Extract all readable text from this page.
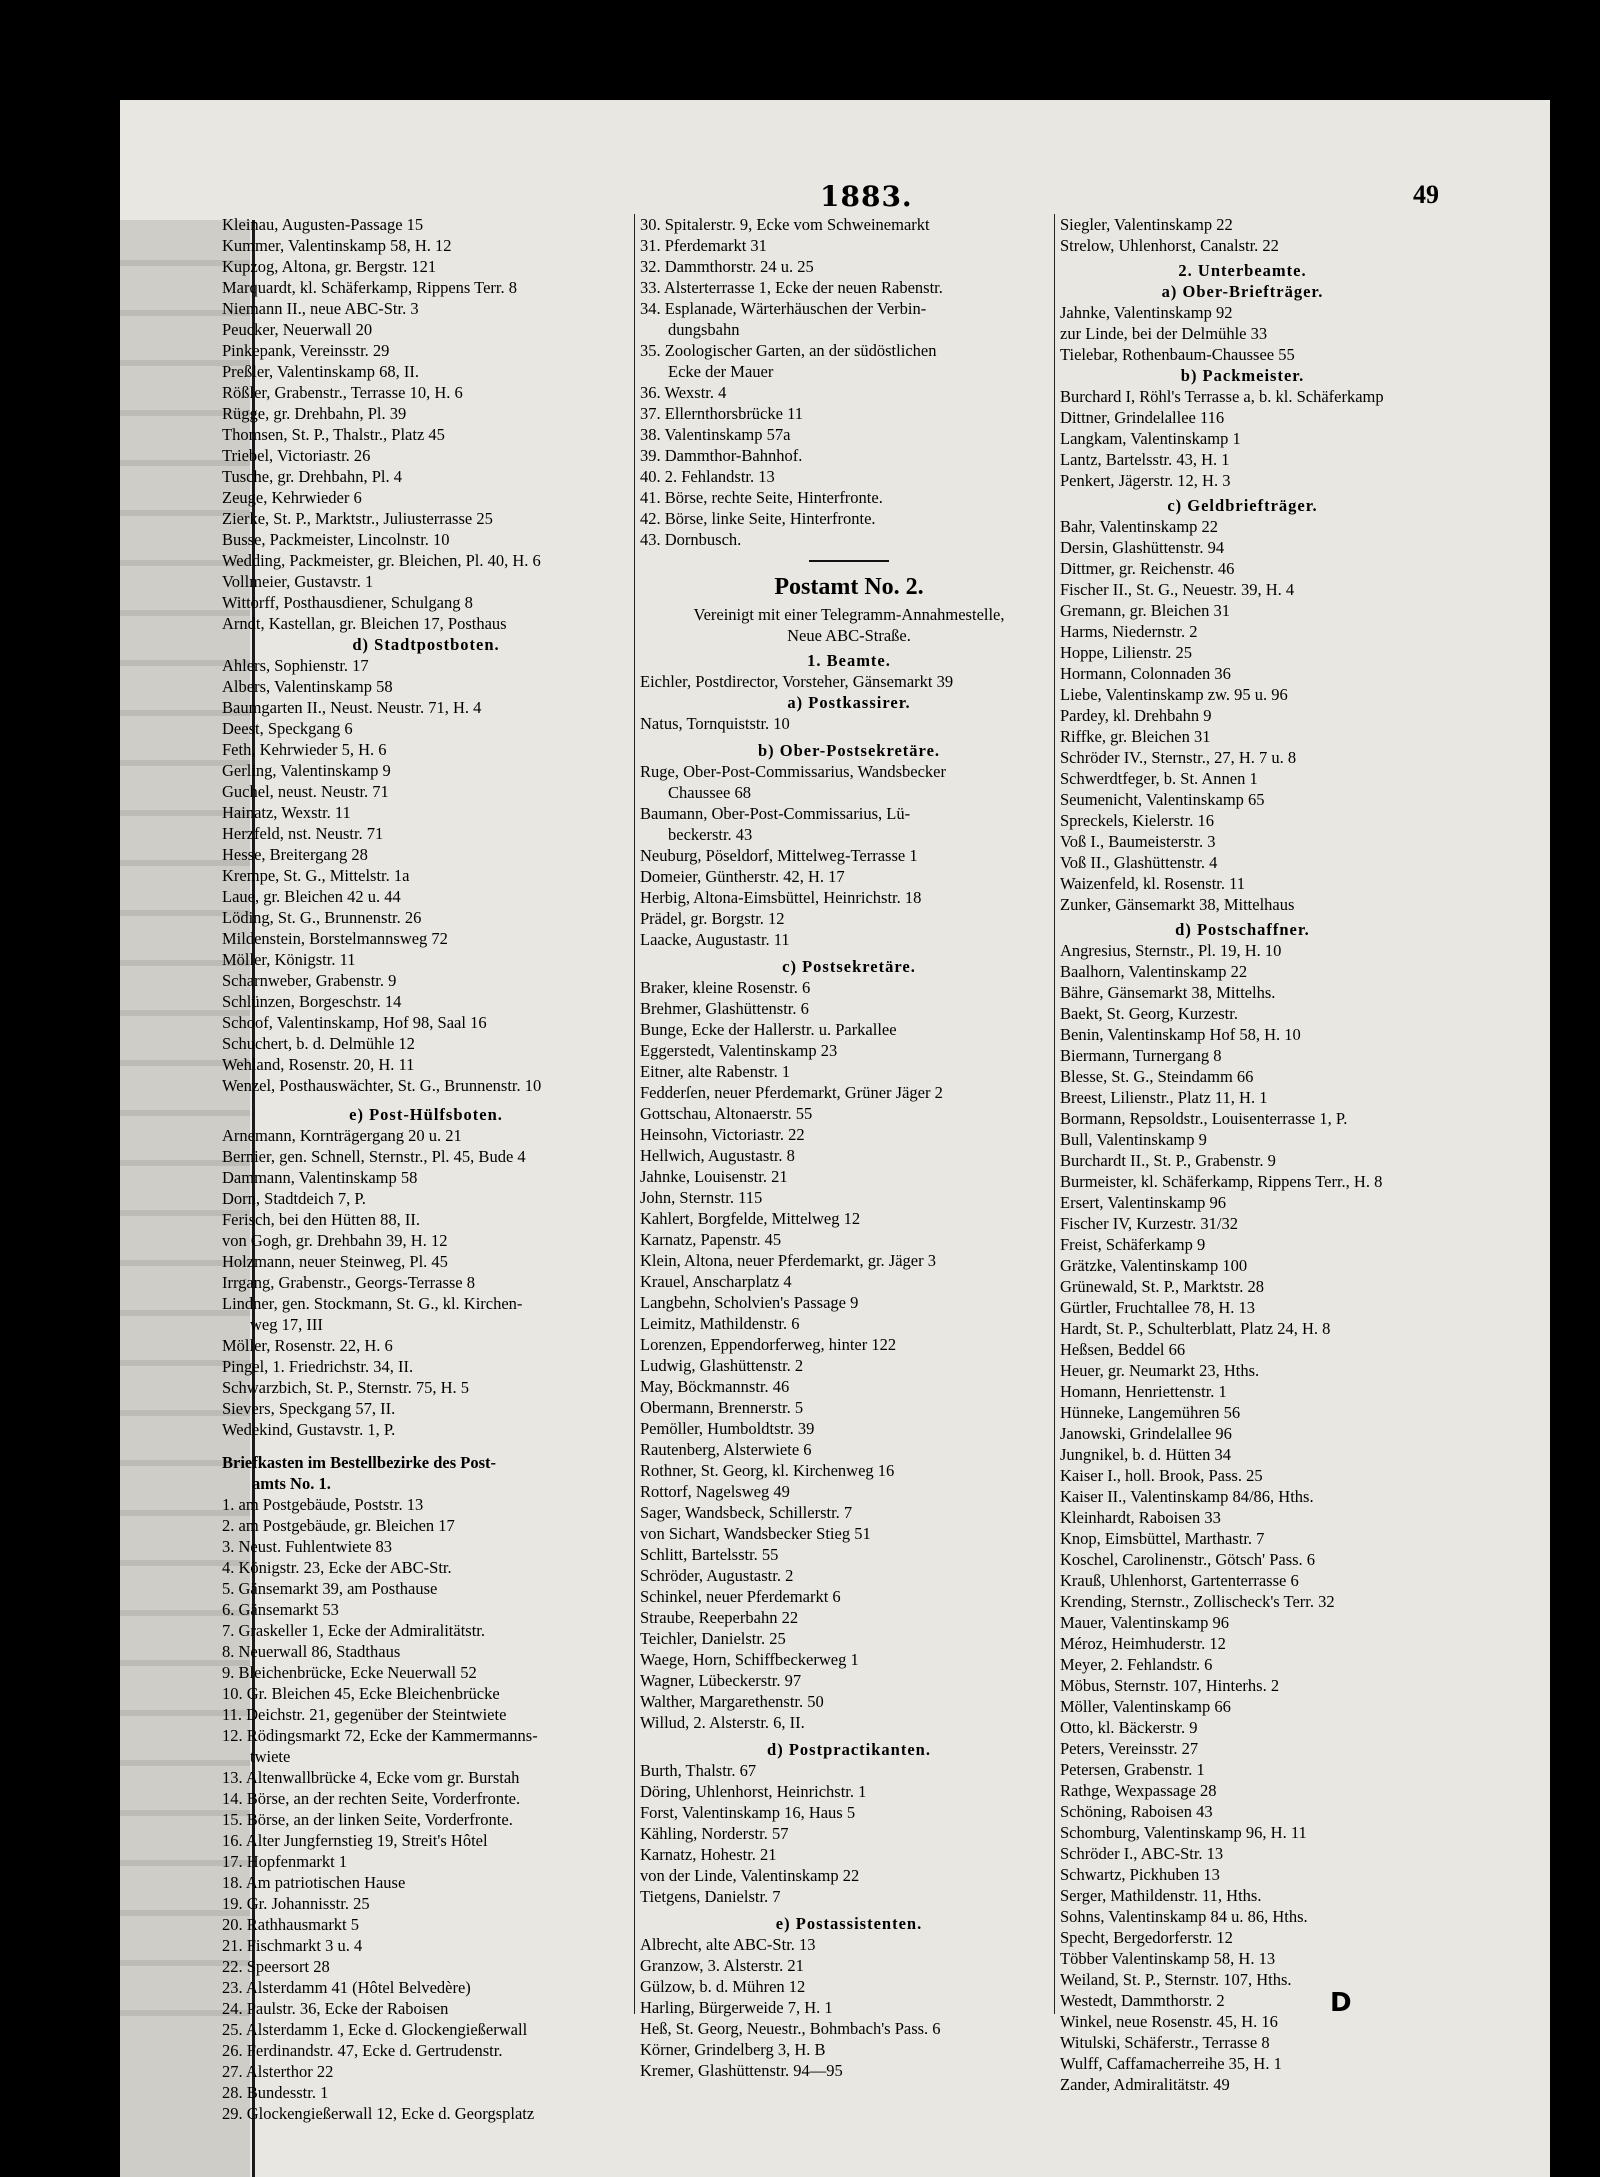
1883.	49
Kleinau, Augusten-Passage 15
Kummer, Valentinskamp 58, H. 12
Kupzog, Altona, gr. Bergstr. 121
Marquardt, kl. Schäferkamp, Rippens Terr. 8
Niemann II., neue ABC-Str. 3
Peucker, Neuerwall 20
Pinkepank, Vereinsstr. 29
Preßler, Valentinskamp 68, II.
Rößler, Grabenstr., Terrasse 10, H. 6
Rügge, gr. Drehbahn, Pl. 39
Thomsen, St. P., Thalstr., Platz 45
Triebel, Victoriastr. 26
Tusche, gr. Drehbahn, Pl. 4
Zeuge, Kehrwieder 6
Zierke, St. P., Marktstr., Juliusterrasse 25
Busse, Packmeister, Lincolnstr. 10
Wedding, Packmeister, gr. Bleichen, Pl. 40, H. 6
Vollmeier, Gustavstr. 1
Wittorff, Posthausdiener, Schulgang 8
Arndt, Kastellan, gr. Bleichen 17, Posthaus
d) Stadtpostboten.
Ahlers, Sophienstr. 17
Albers, Valentinskamp 58
Baumgarten II., Neust. Neustr. 71, H. 4
Deest, Speckgang 6
Feth, Kehrwieder 5, H. 6
Gerling, Valentinskamp 9
Guchel, neust. Neustr. 71
Hainatz, Wexstr. 11
Herzfeld, nst. Neustr. 71
Hesse, Breitergang 28
Krempe, St. G., Mittelstr. 1a
Laue, gr. Bleichen 42 u. 44
Löding, St. G., Brunnenstr. 26
Mildenstein, Borstelmannsweg 72
Möller, Königstr. 11
Scharnweber, Grabenstr. 9
Schlünzen, Borgeschstr. 14
Schoof, Valentinskamp, Hof 98, Saal 16
Schuchert, b. d. Delmühle 12
Wehland, Rosenstr. 20, H. 11
Wenzel, Posthauswächter, St. G., Brunnenstr. 10
e) Post-Hülfsboten.
Arnemann, Kornträgergang 20 u. 21
Bernier, gen. Schnell, Sternstr., Pl. 45, Bude 4
Dammann, Valentinskamp 58
Dorn, Stadtdeich 7, P.
Ferisch, bei den Hütten 88, II.
von Gogh, gr. Drehbahn 39, H. 12
Holzmann, neuer Steinweg, Pl. 45
Irrgang, Grabenstr., Georgs-Terrasse 8
Lindner, gen. Stockmann, St. G., kl. Kirchen-
weg 17, III
Möller, Rosenstr. 22, H. 6
Pingel, 1. Friedrichstr. 34, II.
Schwarzbich, St. P., Sternstr. 75, H. 5
Sievers, Speckgang 57, II.
Wedekind, Gustavstr. 1, P.
Briefkasten im Bestellbezirke des Post-
amts No. 1.
1. am Postgebäude, Poststr. 13
2. am Postgebäude, gr. Bleichen 17
3. Neust. Fuhlentwiete 83
4. Königstr. 23, Ecke der ABC-Str.
5. Gänsemarkt 39, am Posthause
6. Gänsemarkt 53
7. Graskeller 1, Ecke der Admiralitätstr.
8. Neuerwall 86, Stadthaus
9. Bleichenbrücke, Ecke Neuerwall 52
10. Gr. Bleichen 45, Ecke Bleichenbrücke
11. Deichstr. 21, gegenüber der Steintwiete
12. Rödingsmarkt 72, Ecke der Kammermanns-
twiete
13. Altenwallbrücke 4, Ecke vom gr. Burstah
14. Börse, an der rechten Seite, Vorderfronte.
15. Börse, an der linken Seite, Vorderfronte.
16. Alter Jungfernstieg 19, Streit's Hôtel
17. Hopfenmarkt 1
18. Am patriotischen Hause
19. Gr. Johannisstr. 25
20. Rathhausmarkt 5
21. Fischmarkt 3 u. 4
22. Speersort 28
23. Alsterdamm 41 (Hôtel Belvedère)
24. Paulstr. 36, Ecke der Raboisen
25. Alsterdamm 1, Ecke d. Glockengießerwall
26. Ferdinandstr. 47, Ecke d. Gertrudenstr.
27. Alsterthor 22
28. Bundesstr. 1
29. Glockengießerwall 12, Ecke d. Georgsplatz
30. Spitalerstr. 9, Ecke vom Schweinemarkt
31. Pferdemarkt 31
32. Dammthorstr. 24 u. 25
33. Alsterterrasse 1, Ecke der neuen Rabenstr.
34. Esplanade, Wärterhäuschen der Verbin-
dungsbahn
35. Zoologischer Garten, an der südöstlichen
Ecke der Mauer
36. Wexstr. 4
37. Ellernthorsbrücke 11
38. Valentinskamp 57a
39. Dammthor-Bahnhof.
40. 2. Fehlandstr. 13
41. Börse, rechte Seite, Hinterfronte.
42. Börse, linke Seite, Hinterfronte.
43. Dornbusch.
Postamt No. 2.
Vereinigt mit einer Telegramm-Annahmestelle,
Neue ABC-Straße.
1. Beamte.
Eichler, Postdirector, Vorsteher, Gänsemarkt 39
a) Postkassirer.
Natus, Tornquiststr. 10
b) Ober-Postsekretäre.
Ruge, Ober-Post-Commissarius, Wandsbecker
Chaussee 68
Baumann, Ober-Post-Commissarius, Lü-
beckerstr. 43
Neuburg, Pöseldorf, Mittelweg-Terrasse 1
Domeier, Güntherstr. 42, H. 17
Herbig, Altona-Eimsbüttel, Heinrichstr. 18
Prädel, gr. Borgstr. 12
Laacke, Augustastr. 11
c) Postsekretäre.
Braker, kleine Rosenstr. 6
Brehmer, Glashüttenstr. 6
Bunge, Ecke der Hallerstr. u. Parkallee
Eggerstedt, Valentinskamp 23
Eitner, alte Rabenstr. 1
Fedderſen, neuer Pferdemarkt, Grüner Jäger 2
Gottschau, Altonaerstr. 55
Heinsohn, Victoriastr. 22
Hellwich, Augustastr. 8
Jahnke, Louisenstr. 21
John, Sternstr. 115
Kahlert, Borgfelde, Mittelweg 12
Karnatz, Papenstr. 45
Klein, Altona, neuer Pferdemarkt, gr. Jäger 3
Krauel, Anscharplatz 4
Langbehn, Scholvien's Passage 9
Leimitz, Mathildenstr. 6
Lorenzen, Eppendorferweg, hinter 122
Ludwig, Glashüttenstr. 2
May, Böckmannstr. 46
Obermann, Brennerstr. 5
Pemöller, Humboldtstr. 39
Rautenberg, Alsterwiete 6
Rothner, St. Georg, kl. Kirchenweg 16
Rottorf, Nagelsweg 49
Sager, Wandsbeck, Schillerstr. 7
von Sichart, Wandsbecker Stieg 51
Schlitt, Bartelsstr. 55
Schröder, Augustastr. 2
Schinkel, neuer Pferdemarkt 6
Straube, Reeperbahn 22
Teichler, Danielstr. 25
Waege, Horn, Schiffbeckerweg 1
Wagner, Lübeckerstr. 97
Walther, Margarethenstr. 50
Willud, 2. Alsterstr. 6, II.
d) Postpractikanten.
Burth, Thalstr. 67
Döring, Uhlenhorst, Heinrichstr. 1
Forst, Valentinskamp 16, Haus 5
Kähling, Norderstr. 57
Karnatz, Hohestr. 21
von der Linde, Valentinskamp 22
Tietgens, Danielstr. 7
e) Postassistenten.
Albrecht, alte ABC-Str. 13
Granzow, 3. Alsterstr. 21
Gülzow, b. d. Mühren 12
Harling, Bürgerweide 7, H. 1
Heß, St. Georg, Neuestr., Bohmbach's Pass. 6
Körner, Grindelberg 3, H. B
Kremer, Glashüttenstr. 94—95
Siegler, Valentinskamp 22
Strelow, Uhlenhorst, Canalstr. 22
2. Unterbeamte.
a) Ober-Briefträger.
Jahnke, Valentinskamp 92
zur Linde, bei der Delmühle 33
Tielebar, Rothenbaum-Chaussee 55
b) Packmeister.
Burchard I, Röhl's Terrasse a, b. kl. Schäferkamp
Dittner, Grindelallee 116
Langkam, Valentinskamp 1
Lantz, Bartelsstr. 43, H. 1
Penkert, Jägerstr. 12, H. 3
c) Geldbriefträger.
Bahr, Valentinskamp 22
Dersin, Glashüttenstr. 94
Dittmer, gr. Reichenstr. 46
Fischer II., St. G., Neuestr. 39, H. 4
Gremann, gr. Bleichen 31
Harms, Niedernstr. 2
Hoppe, Lilienstr. 25
Hormann, Colonnaden 36
Liebe, Valentinskamp zw. 95 u. 96
Pardey, kl. Drehbahn 9
Riffke, gr. Bleichen 31
Schröder IV., Sternstr., 27, H. 7 u. 8
Schwerdtfeger, b. St. Annen 1
Seumenicht, Valentinskamp 65
Spreckels, Kielerstr. 16
Voß I., Baumeisterstr. 3
Voß II., Glashüttenstr. 4
Waizenfeld, kl. Rosenstr. 11
Zunker, Gänsemarkt 38, Mittelhaus
d) Postschaffner.
Angresius, Sternstr., Pl. 19, H. 10
Baalhorn, Valentinskamp 22
Bähre, Gänsemarkt 38, Mittelhs.
Baekt, St. Georg, Kurzestr.
Benin, Valentinskamp Hof 58, H. 10
Biermann, Turnergang 8
Blesse, St. G., Steindamm 66
Breest, Lilienstr., Platz 11, H. 1
Bormann, Repsoldstr., Louisenterrasse 1, P.
Bull, Valentinskamp 9
Burchardt II., St. P., Grabenstr. 9
Burmeister, kl. Schäferkamp, Rippens Terr., H. 8
Ersert, Valentinskamp 96
Fischer IV, Kurzestr. 31/32
Freist, Schäferkamp 9
Grätzke, Valentinskamp 100
Grünewald, St. P., Marktstr. 28
Gürtler, Fruchtallee 78, H. 13
Hardt, St. P., Schulterblatt, Platz 24, H. 8
Heßsen, Beddel 66
Heuer, gr. Neumarkt 23, Hths.
Homann, Henriettenstr. 1
Hünneke, Langemühren 56
Janowski, Grindelallee 96
Jungnikel, b. d. Hütten 34
Kaiser I., holl. Brook, Pass. 25
Kaiser II., Valentinskamp 84/86, Hths.
Kleinhardt, Raboisen 33
Knop, Eimsbüttel, Marthastr. 7
Koschel, Carolinenstr., Götsch' Pass. 6
Krauß, Uhlenhorst, Gartenterrasse 6
Krending, Sternstr., Zollischeck's Terr. 32
Mauer, Valentinskamp 96
Méroz, Heimhuderstr. 12
Meyer, 2. Fehlandstr. 6
Möbus, Sternstr. 107, Hinterhs. 2
Möller, Valentinskamp 66
Otto, kl. Bäckerstr. 9
Peters, Vereinsstr. 27
Petersen, Grabenstr. 1
Rathge, Wexpassage 28
Schöning, Raboisen 43
Schomburg, Valentinskamp 96, H. 11
Schröder I., ABC-Str. 13
Schwartz, Pickhuben 13
Serger, Mathildenstr. 11, Hths.
Sohns, Valentinskamp 84 u. 86, Hths.
Specht, Bergedorferstr. 12
Többer Valentinskamp 58, H. 13
Weiland, St. P., Sternstr. 107, Hths.
Westedt, Dammthorstr. 2
Winkel, neue Rosenstr. 45, H. 16
Witulski, Schäferstr., Terrasse 8
Wulff, Caffamacherreihe 35, H. 1
Zander, Admiralitätstr. 49
D
